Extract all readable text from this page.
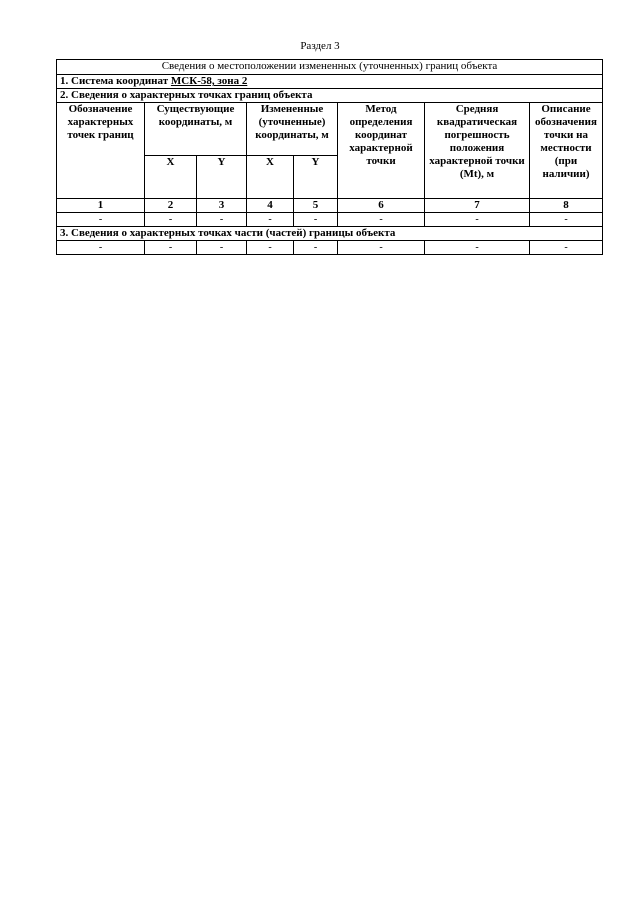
Раздел 3
Сведения о местоположении измененных (уточненных) границ объекта							
1. Система координат МСК-58, зона 2							
2. Сведения о характерных точках границ объекта							
Обозначение характерных точек границ	Существующие координаты, м		Измененные (уточненные) координаты, м		Метод определения координат характерной точки	Средняя квадратическая погрешность положения характерной точки (Mt), м	Описание обозначения точки на местности (при наличии)
	X	Y	X	Y			
1	2	3	4	5	6	7	8
-	-	-	-	-	-	-	-
3. Сведения о характерных точках части (частей) границы объекта							
-	-	-	-	-	-	-	-
